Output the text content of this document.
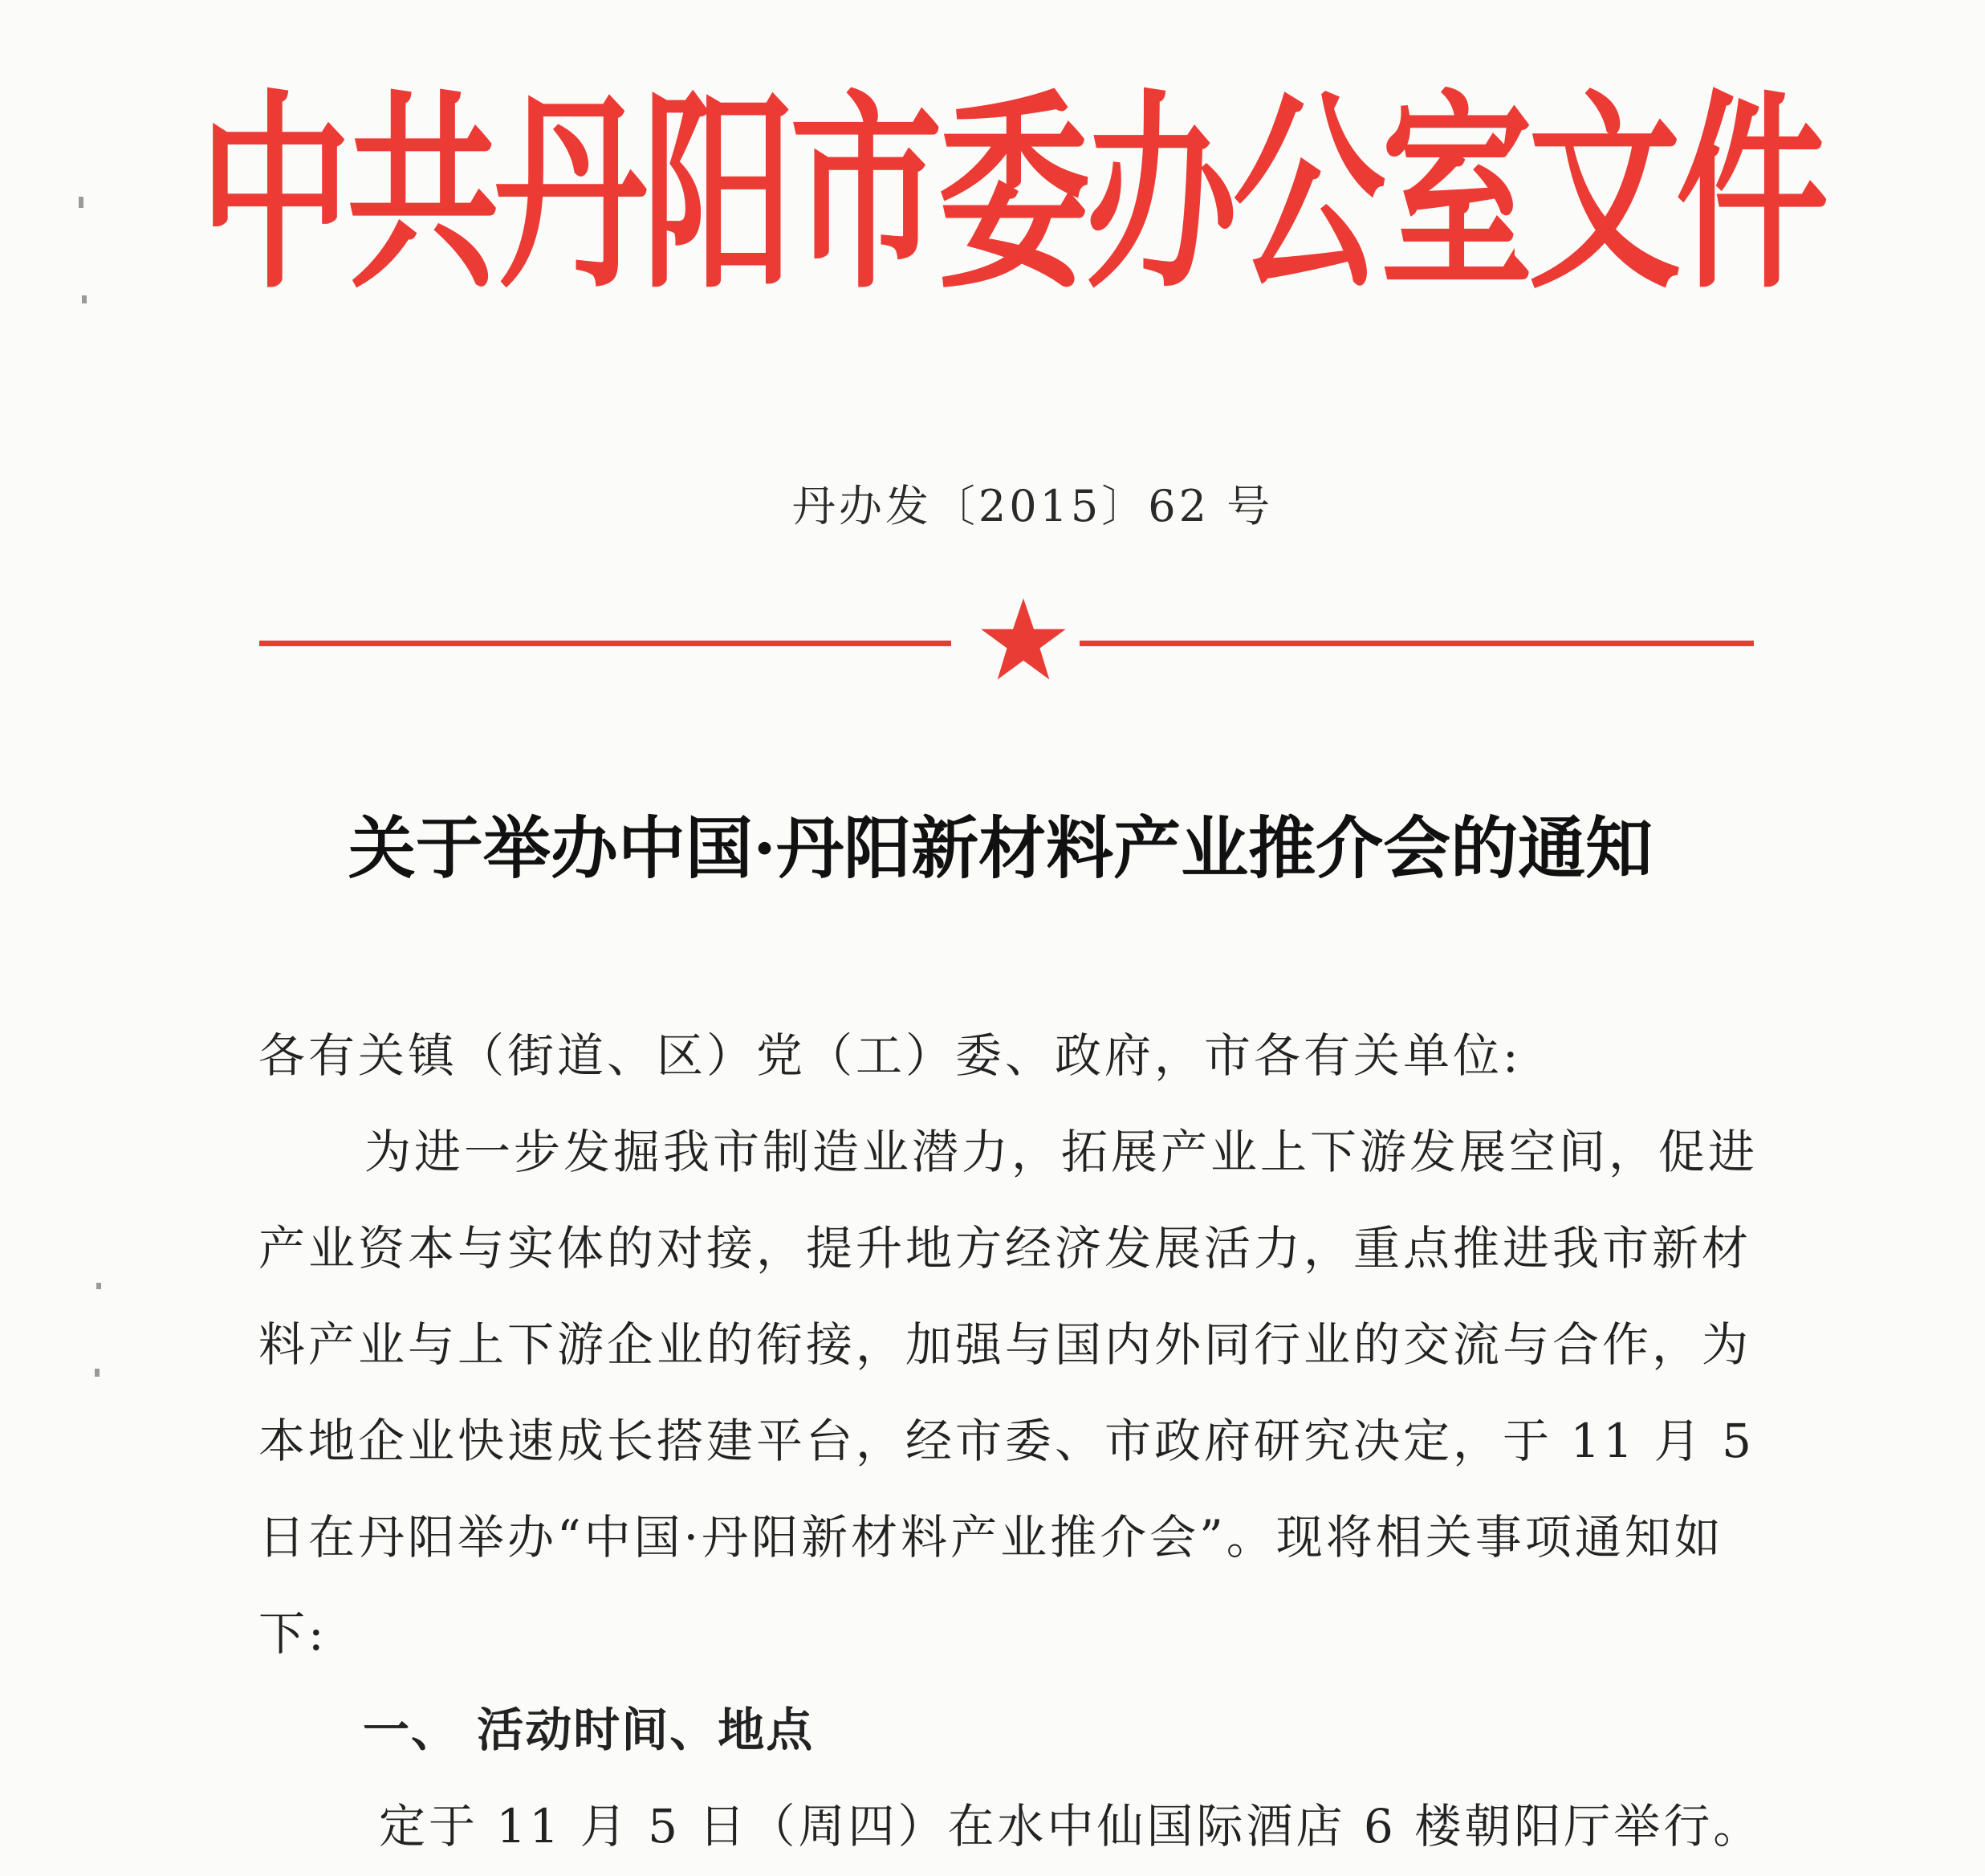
中共丹阳市委办公室文件
丹办发〔2015〕62 号
关于举办中国·丹阳新材料产业推介会的通知

各有关镇（街道、区）党（工）委、政府，市各有关单位:

为进一步发掘我市制造业潜力，拓展产业上下游发展空间，促进产业资本与实体的对接，提升地方经济发展活力，重点推进我市新材料产业与上下游企业的衔接，加强与国内外同行业的交流与合作，为本地企业快速成长搭建平台，经市委、市政府研究决定，于 11 月 5 日在丹阳举办“中国·丹阳新材料产业推介会”。现将相关事项通知如下:

一、 活动时间、地点

定于 11 月 5 日（周四）在水中仙国际酒店 6 楼朝阳厅举行。
